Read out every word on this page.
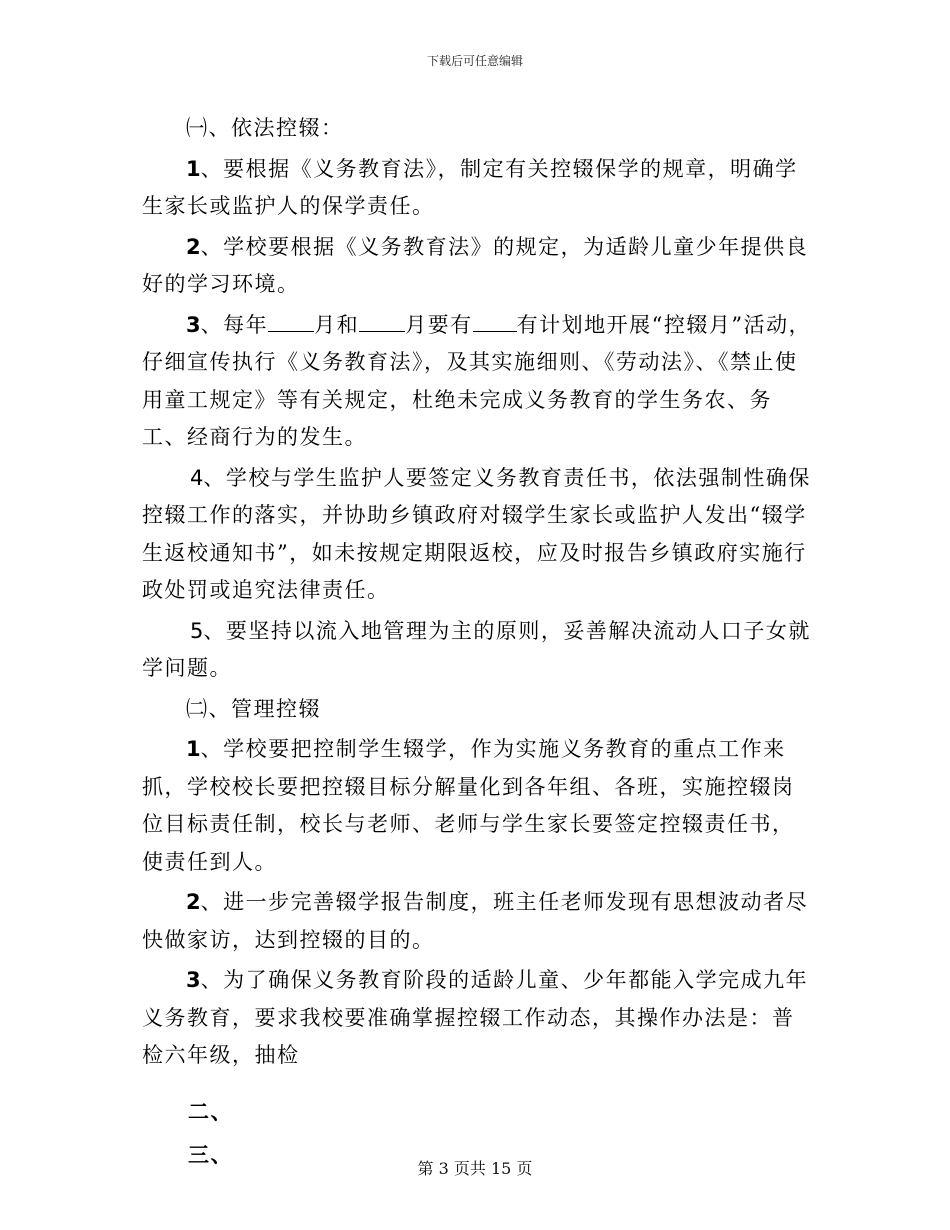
下载后可任意编辑

㈠、依法控辍：

1、要根据《义务教育法》，制定有关控辍保学的规章，明确学生家长或监护人的保学责任。

2、学校要根据《义务教育法》的规定，为适龄儿童少年提供良好的学习环境。

3、每年 月和 月要有 有计划地开展“控辍月”活动，仔细宣传执行《义务教育法》，及其实施细则、《劳动法》、《禁止使用童工规定》等有关规定，杜绝未完成义务教育的学生务农、务工、经商行为的发生。

4、学校与学生监护人要签定义务教育责任书，依法强制性确保控辍工作的落实，并协助乡镇政府对辍学生家长或监护人发出“辍学生返校通知书”，如未按规定期限返校，应及时报告乡镇政府实施行政处罚或追究法律责任。

5、要坚持以流入地管理为主的原则，妥善解决流动人口子女就学问题。

㈡、管理控辍

1、学校要把控制学生辍学，作为实施义务教育的重点工作来抓，学校校长要把控辍目标分解量化到各年组、各班，实施控辍岗位目标责任制，校长与老师、老师与学生家长要签定控辍责任书，使责任到人。

2、进一步完善辍学报告制度，班主任老师发现有思想波动者尽快做家访，达到控辍的目的。

3、为了确保义务教育阶段的适龄儿童、少年都能入学完成九年义务教育，要求我校要准确掌握控辍工作动态，其操作办法是：普检六年级，抽检

二、

三、

第 3 页共 15 页
